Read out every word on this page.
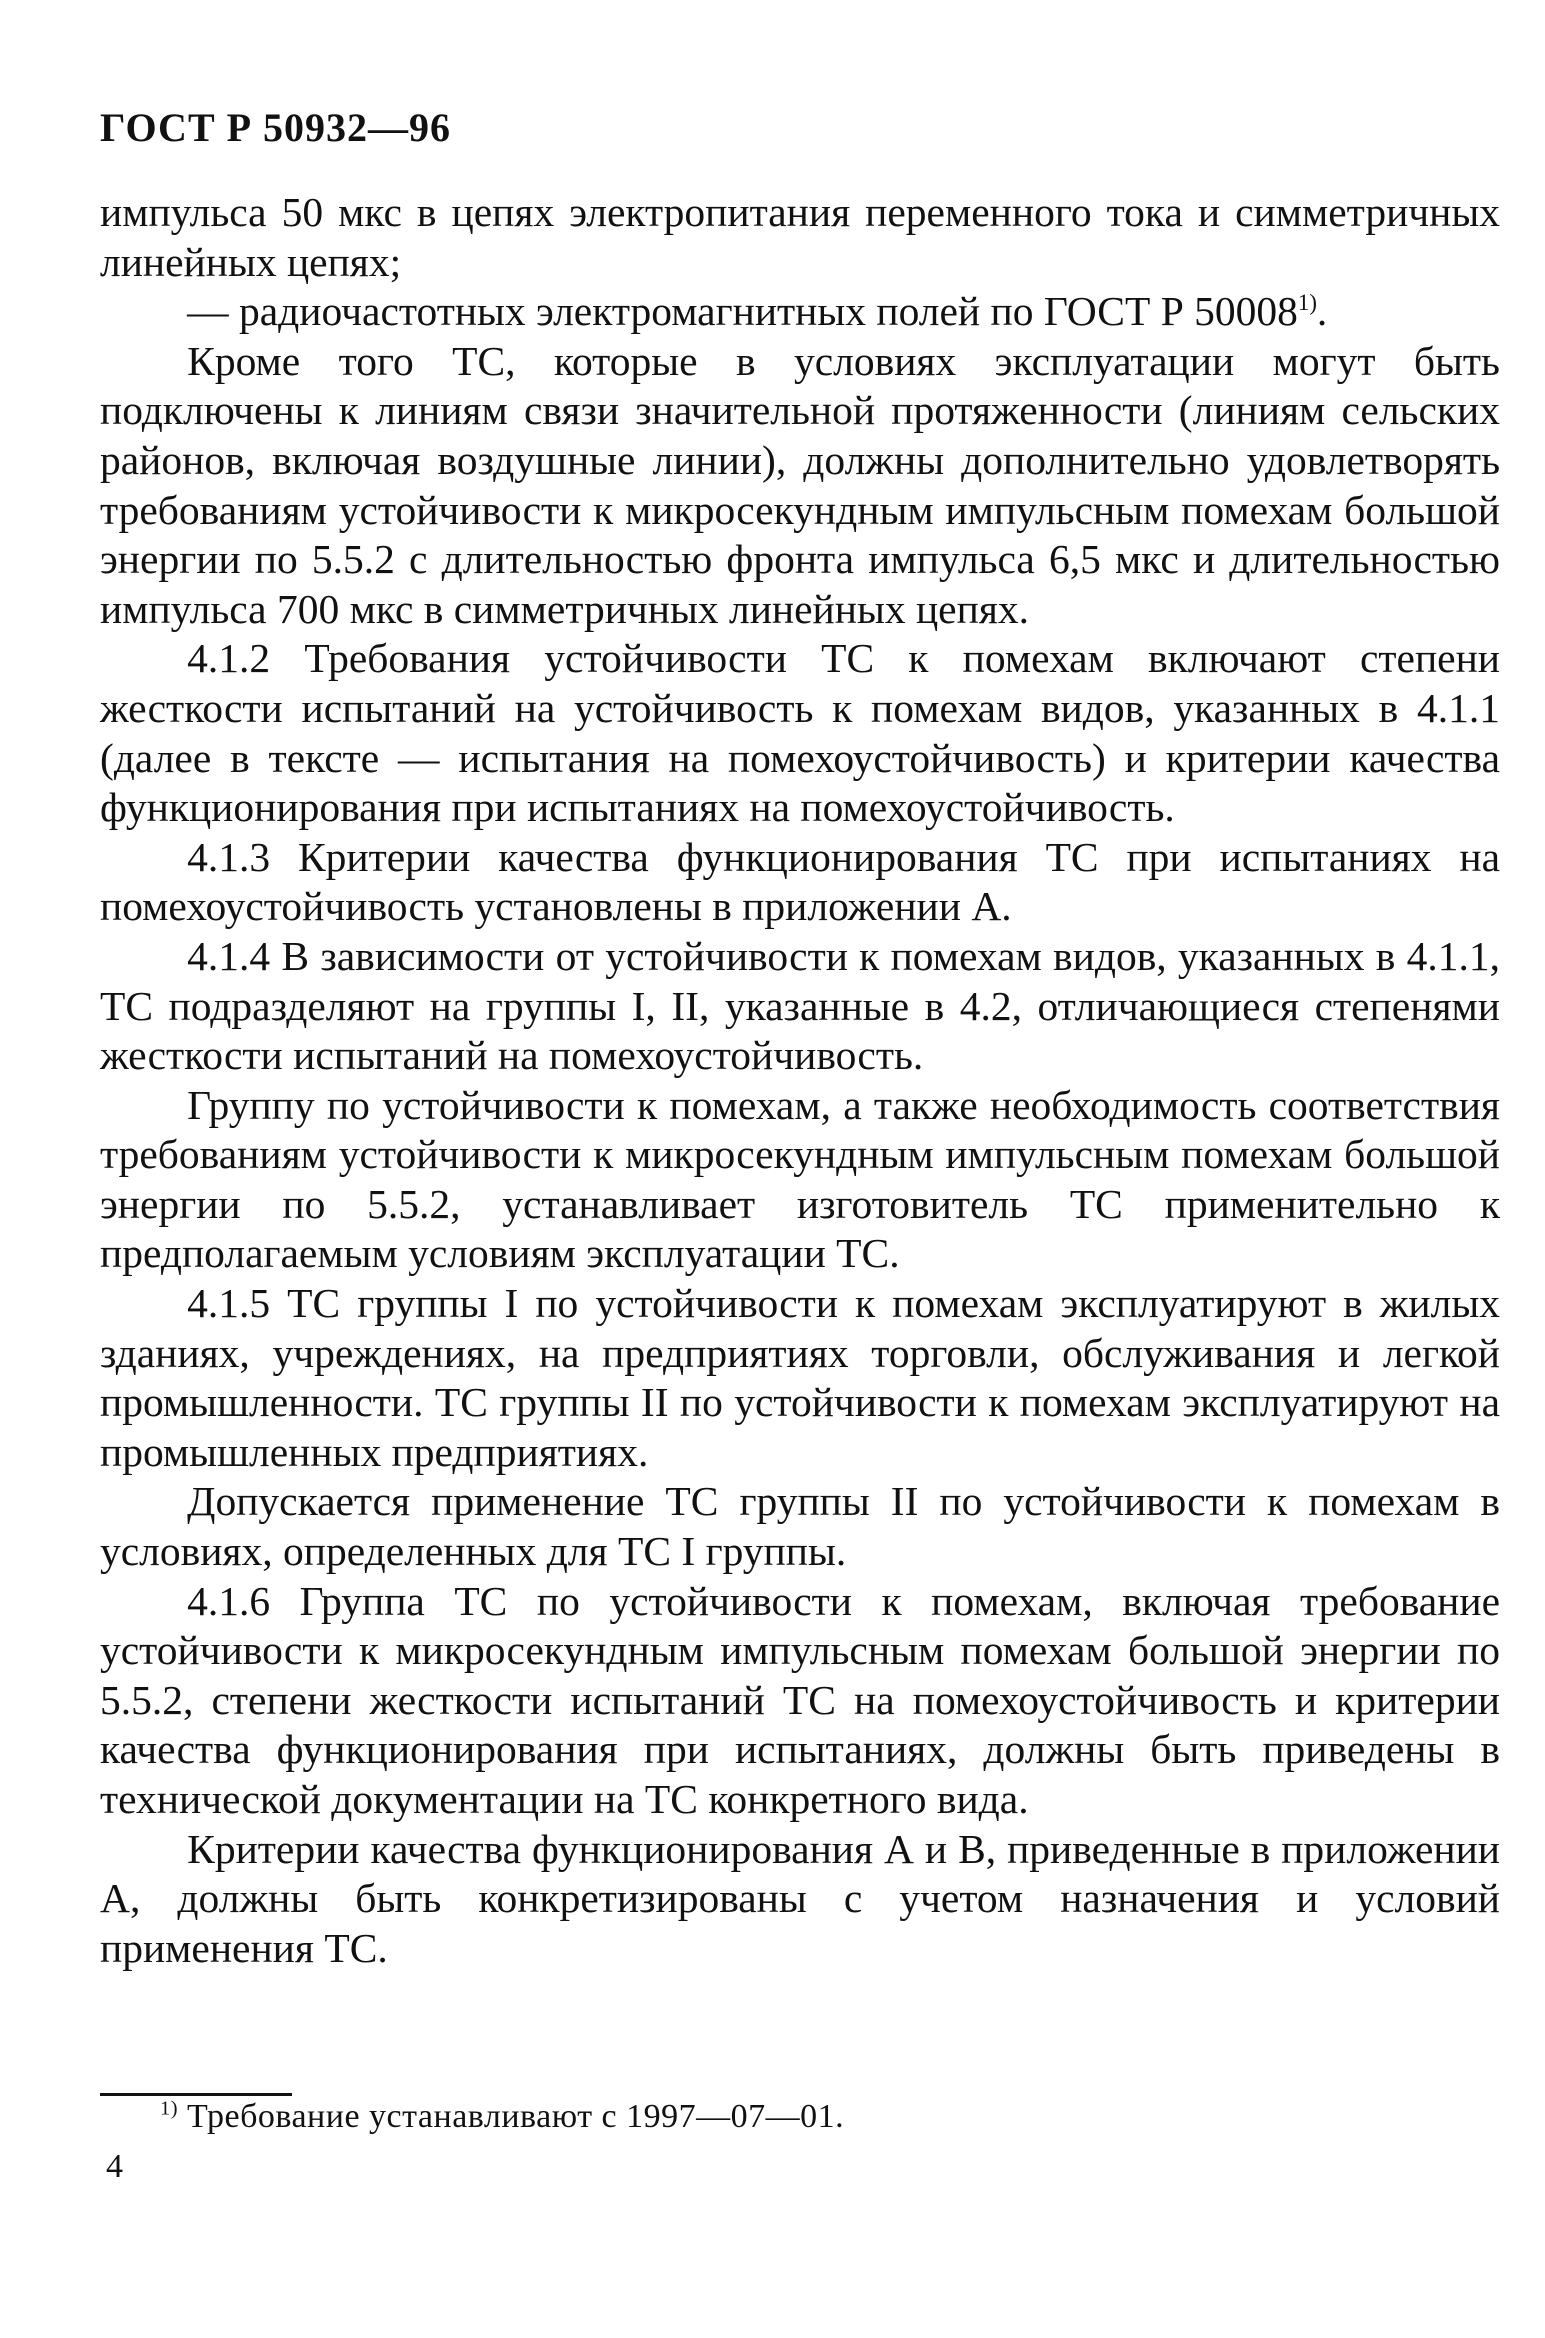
ГОСТ Р 50932—96

импульса 50 мкс в цепях электропитания переменного тока и симметричных линейных цепях;

— радиочастотных электромагнитных полей по ГОСТ Р 50008$^{1)}$.

Кроме того ТС, которые в условиях эксплуатации могут быть подключены к линиям связи значительной протяженности (линиям сельских районов, включая воздушные линии), должны дополнительно удовлетворять требованиям устойчивости к микросекундным импульсным помехам большой энергии по 5.5.2 с длительностью фронта импульса 6,5 мкс и длительностью импульса 700 мкс в симметричных линейных цепях.

4.1.2 Требования устойчивости ТС к помехам включают степени жесткости испытаний на устойчивость к помехам видов, указанных в 4.1.1 (далее в тексте — испытания на помехоустойчивость) и критерии качества функционирования при испытаниях на помехоустойчивость.

4.1.3 Критерии качества функционирования ТС при испытаниях на помехоустойчивость установлены в приложении А.

4.1.4 В зависимости от устойчивости к помехам видов, указанных в 4.1.1, ТС подразделяют на группы I, II, указанные в 4.2, отличающиеся степенями жесткости испытаний на помехоустойчивость.

Группу по устойчивости к помехам, а также необходимость соответствия требованиям устойчивости к микросекундным импульсным помехам большой энергии по 5.5.2, устанавливает изготовитель ТС применительно к предполагаемым условиям эксплуатации ТС.

4.1.5 ТС группы I по устойчивости к помехам эксплуатируют в жилых зданиях, учреждениях, на предприятиях торговли, обслуживания и легкой промышленности. ТС группы II по устойчивости к помехам эксплуатируют на промышленных предприятиях.

Допускается применение ТС группы II по устойчивости к помехам в условиях, определенных для ТС I группы.

4.1.6 Группа ТС по устойчивости к помехам, включая требование устойчивости к микросекундным импульсным помехам большой энергии по 5.5.2, степени жесткости испытаний ТС на помехоустойчивость и критерии качества функционирования при испытаниях, должны быть приведены в технической документации на ТС конкретного вида.

Критерии качества функционирования А и В, приведенные в приложении А, должны быть конкретизированы с учетом назначения и условий применения ТС.

$^{1)}$ Требование устанавливают с 1997—07—01.
4
